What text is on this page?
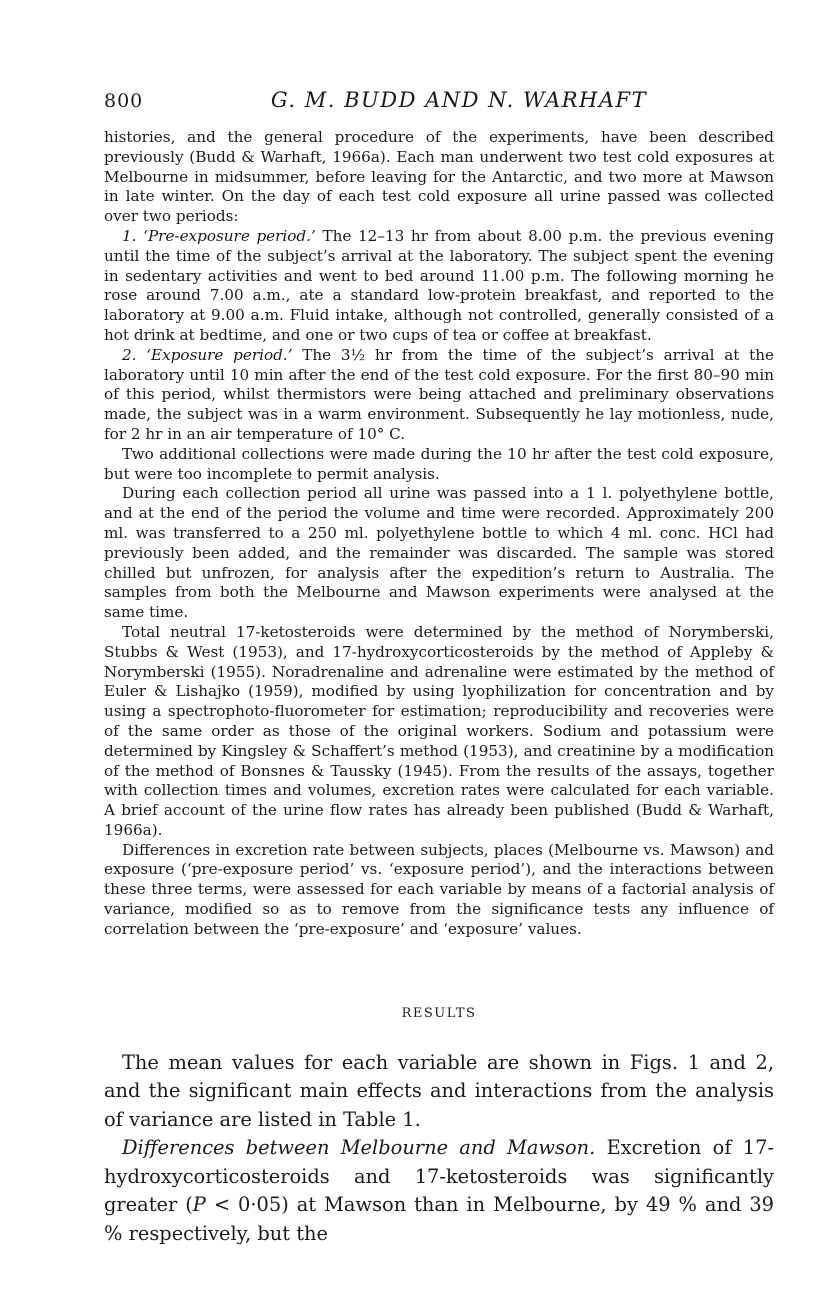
800	G. M. BUDD AND N. WARHAFT

histories, and the general procedure of the experiments, have been described previously (Budd & Warhaft, 1966a). Each man underwent two test cold exposures at Melbourne in midsummer, before leaving for the Antarctic, and two more at Mawson in late winter. On the day of each test cold exposure all urine passed was collected over two periods:

1. ‘Pre-exposure period.’ The 12–13 hr from about 8.00 p.m. the previous evening until the time of the subject’s arrival at the laboratory. The subject spent the evening in sedentary activities and went to bed around 11.00 p.m. The following morning he rose around 7.00 a.m., ate a standard low-protein breakfast, and reported to the laboratory at 9.00 a.m. Fluid intake, although not controlled, generally consisted of a hot drink at bedtime, and one or two cups of tea or coffee at breakfast.

2. ‘Exposure period.’ The 3½ hr from the time of the subject’s arrival at the laboratory until 10 min after the end of the test cold exposure. For the first 80–90 min of this period, whilst thermistors were being attached and preliminary observations made, the subject was in a warm environment. Subsequently he lay motionless, nude, for 2 hr in an air temperature of 10° C.

Two additional collections were made during the 10 hr after the test cold exposure, but were too incomplete to permit analysis.

During each collection period all urine was passed into a 1 l. polyethylene bottle, and at the end of the period the volume and time were recorded. Approximately 200 ml. was transferred to a 250 ml. polyethylene bottle to which 4 ml. conc. HCl had previously been added, and the remainder was discarded. The sample was stored chilled but unfrozen, for analysis after the expedition’s return to Australia. The samples from both the Melbourne and Mawson experiments were analysed at the same time.

Total neutral 17-ketosteroids were determined by the method of Norymberski, Stubbs & West (1953), and 17-hydroxycorticosteroids by the method of Appleby & Norymberski (1955). Noradrenaline and adrenaline were estimated by the method of Euler & Lishajko (1959), modified by using lyophilization for concentration and by using a spectrophoto-fluorometer for estimation; reproducibility and recoveries were of the same order as those of the original workers. Sodium and potassium were determined by Kingsley & Schaffert’s method (1953), and creatinine by a modification of the method of Bonsnes & Taussky (1945). From the results of the assays, together with collection times and volumes, excretion rates were calculated for each variable. A brief account of the urine flow rates has already been published (Budd & Warhaft, 1966a).

Differences in excretion rate between subjects, places (Melbourne vs. Mawson) and exposure (‘pre-exposure period’ vs. ‘exposure period’), and the interactions between these three terms, were assessed for each variable by means of a factorial analysis of variance, modified so as to remove from the significance tests any influence of correlation between the ‘pre-exposure’ and ‘exposure’ values.

RESULTS

The mean values for each variable are shown in Figs. 1 and 2, and the significant main effects and interactions from the analysis of variance are listed in Table 1.

Differences between Melbourne and Mawson. Excretion of 17-hydroxycorticosteroids and 17-ketosteroids was significantly greater (P < 0·05) at Mawson than in Melbourne, by 49 % and 39 % respectively, but the
